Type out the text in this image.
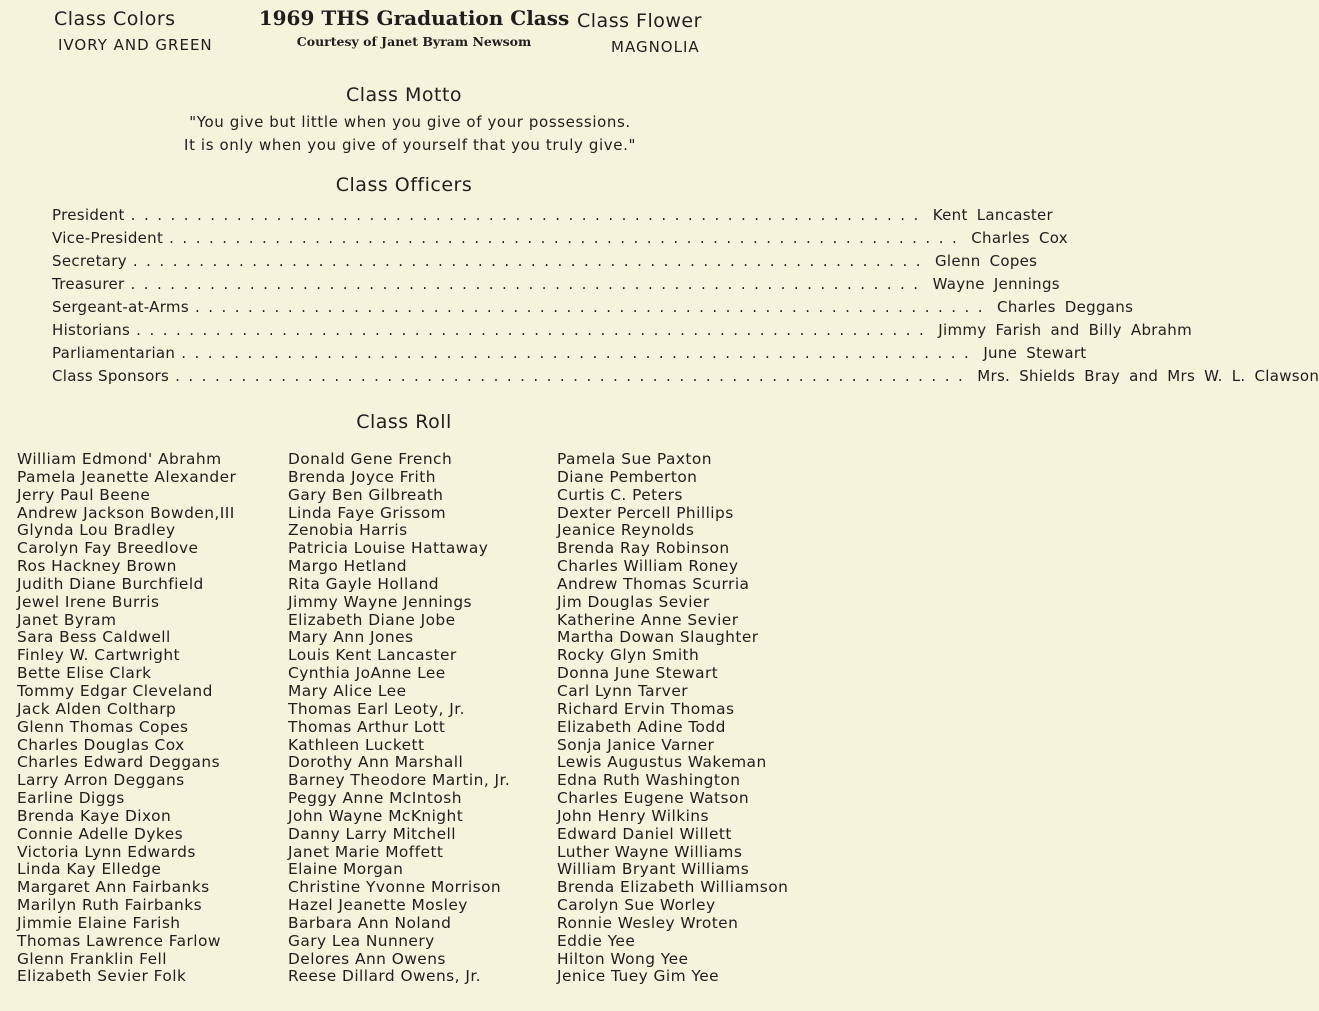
Class Colors
IVORY AND GREEN
1969 THS Graduation Class
Courtesy of Janet Byram Newsom
Class Flower
MAGNOLIA
Class Motto
"You give but little when you give of your possessions.
It is only when you give of yourself that you truly give."
Class Officers
President ............................................................ Kent Lancaster
Vice-President ............................................................ Charles Cox
Secretary ............................................................ Glenn Copes
Treasurer ............................................................ Wayne Jennings
Sergeant-at-Arms ............................................................ Charles Deggans
Historians ............................................................ Jimmy Farish and Billy Abrahm
Parliamentarian ............................................................ June Stewart
Class Sponsors ............................................................ Mrs. Shields Bray and Mrs W. L. Clawson
Class Roll
William Edmond' Abrahm
Pamela Jeanette Alexander
Jerry Paul Beene
Andrew Jackson Bowden,III
Glynda Lou Bradley
Carolyn Fay Breedlove
Ros Hackney Brown
Judith Diane Burchfield
Jewel Irene Burris
Janet Byram
Sara Bess Caldwell
Finley W. Cartwright
Bette Elise Clark
Tommy Edgar Cleveland
Jack Alden Coltharp
Glenn Thomas Copes
Charles Douglas Cox
Charles Edward Deggans
Larry Arron Deggans
Earline Diggs
Brenda Kaye Dixon
Connie Adelle Dykes
Victoria Lynn Edwards
Linda Kay Elledge
Margaret Ann Fairbanks
Marilyn Ruth Fairbanks
Jimmie Elaine Farish
Thomas Lawrence Farlow
Glenn Franklin Fell
Elizabeth Sevier Folk
Donald Gene French
Brenda Joyce Frith
Gary Ben Gilbreath
Linda Faye Grissom
Zenobia Harris
Patricia Louise Hattaway
Margo Hetland
Rita Gayle Holland
Jimmy Wayne Jennings
Elizabeth Diane Jobe
Mary Ann Jones
Louis Kent Lancaster
Cynthia JoAnne Lee
Mary Alice Lee
Thomas Earl Leoty, Jr.
Thomas Arthur Lott
Kathleen Luckett
Dorothy Ann Marshall
Barney Theodore Martin, Jr.
Peggy Anne McIntosh
John Wayne McKnight
Danny Larry Mitchell
Janet Marie Moffett
Elaine Morgan
Christine Yvonne Morrison
Hazel Jeanette Mosley
Barbara Ann Noland
Gary Lea Nunnery
Delores Ann Owens
Reese Dillard Owens, Jr.
Pamela Sue Paxton
Diane Pemberton
Curtis C. Peters
Dexter Percell Phillips
Jeanice Reynolds
Brenda Ray Robinson
Charles William Roney
Andrew Thomas Scurria
Jim Douglas Sevier
Katherine Anne Sevier
Martha Dowan Slaughter
Rocky Glyn Smith
Donna June Stewart
Carl Lynn Tarver
Richard Ervin Thomas
Elizabeth Adine Todd
Sonja Janice Varner
Lewis Augustus Wakeman
Edna Ruth Washington
Charles Eugene Watson
John Henry Wilkins
Edward Daniel Willett
Luther Wayne Williams
William Bryant Williams
Brenda Elizabeth Williamson
Carolyn Sue Worley
Ronnie Wesley Wroten
Eddie Yee
Hilton Wong Yee
Jenice Tuey Gim Yee
